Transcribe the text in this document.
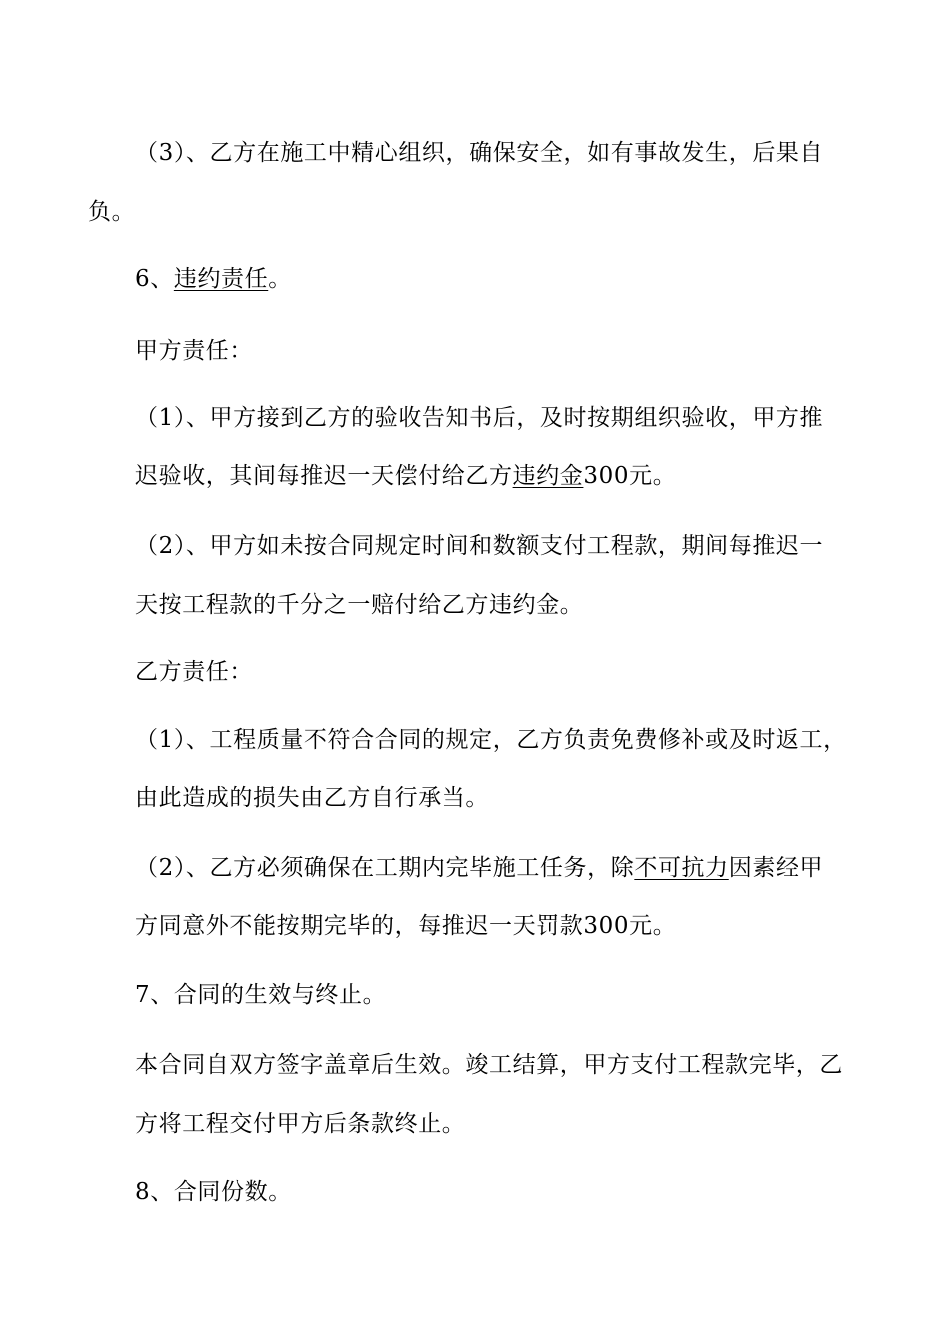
（3）、乙方在施工中精心组织，确保安全，如有事故发生，后果自
负。
6、违约责任。
甲方责任：
（1）、甲方接到乙方的验收告知书后，及时按期组织验收，甲方推
迟验收，其间每推迟一天偿付给乙方违约金300元。
（2）、甲方如未按合同规定时间和数额支付工程款，期间每推迟一
天按工程款的千分之一赔付给乙方违约金。
乙方责任：
（1）、工程质量不符合合同的规定，乙方负责免费修补或及时返工，
由此造成的损失由乙方自行承当。
（2）、乙方必须确保在工期内完毕施工任务，除不可抗力因素经甲
方同意外不能按期完毕的，每推迟一天罚款300元。
7、合同的生效与终止。
本合同自双方签字盖章后生效。竣工结算，甲方支付工程款完毕，乙
方将工程交付甲方后条款终止。
8、合同份数。
